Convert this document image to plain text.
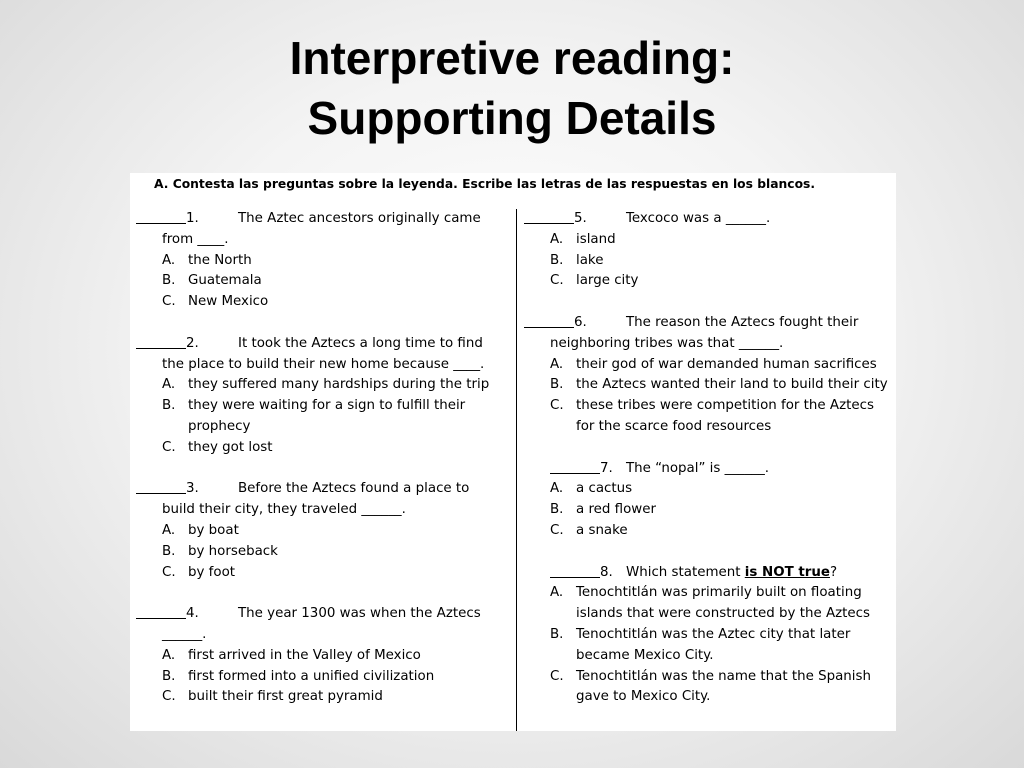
Interpretive reading:
Supporting Details
A. Contesta las preguntas sobre la leyenda. Escribe las letras de las respuestas en los blancos.
1.	The Aztec ancestors originally came
from ____.
A. the North
B. Guatemala
C. New Mexico
2.	It took the Aztecs a long time to find
the place to build their new home because ____.
A. they suffered many hardships during the trip
B. they were waiting for a sign to fulfill their prophecy
C. they got lost
3.	Before the Aztecs found a place to
build their city, they traveled ______.
A. by boat
B. by horseback
C. by foot
4.	The year 1300 was when the Aztecs
______.
A. first arrived in the Valley of Mexico
B. first formed into a unified civilization
C. built their first great pyramid
5.	Texcoco was a ______.
A. island
B. lake
C. large city
6.	The reason the Aztecs fought their
neighboring tribes was that ______.
A. their god of war demanded human sacrifices
B. the Aztecs wanted their land to build their city
C. these tribes were competition for the Aztecs for the scarce food resources
7. The “nopal” is ______.
A. a cactus
B. a red flower
C. a snake
8. Which statement is NOT true?
A. Tenochtitlán was primarily built on floating islands that were constructed by the Aztecs
B. Tenochtitlán was the Aztec city that later became Mexico City.
C. Tenochtitlán was the name that the Spanish gave to Mexico City.
